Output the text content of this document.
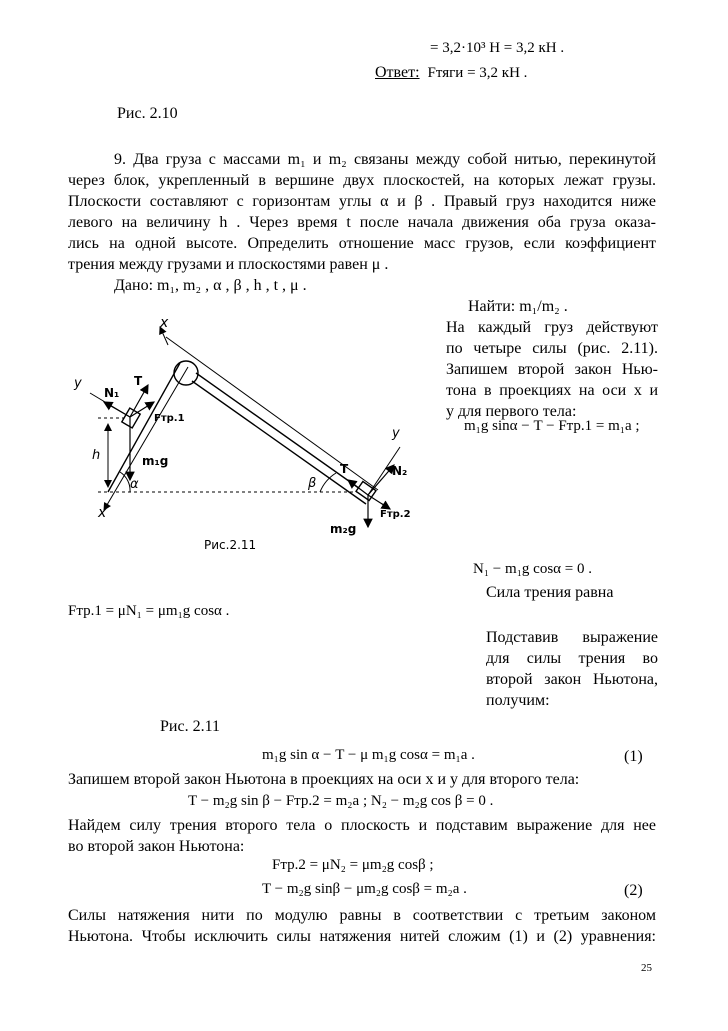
= 3,2·10³ Н = 3,2 кН .
Ответ: Fтяги = 3,2 кН .
Рис. 2.10
9. Два груза с массами m₁ и m₂ связаны между собой нитью, перекинутой
через блок, укрепленный в вершине двух плоскостей, на которых лежат грузы.
Плоскости составляют с горизонтам углы α и β . Правый груз находится ниже
левого на величину h . Через время t после начала движения оба груза оказа-
лись на одной высоте. Определить отношение масс грузов, если коэффициент
трения между грузами и плоскостями равен μ .
Дано: m₁, m₂ , α , β , h , t , μ .
Найти: m₁/m₂ .
На каждый груз действуют
по четыре силы (рис. 2.11).
Запишем второй закон Нью-
тона в проекциях на оси x и
y для первого тела:
m₁g sinα − T − Fтр.1 = m₁a ;
x
x
y
N₁
T
Fтр.1
m₁g
h
α	β
T
y
N₂
m₂g
Fтр.2
Рис.2.11
N₁ − m₁g cosα = 0 .
Сила трения равна
Fтр.1 = μN₁ = μm₁g cosα .
Подставив выражение
для силы трения во
второй закон Ньютона,
получим:
Рис. 2.11
m₁g sin α − T − μ m₁g cosα = m₁a .	(1)
Запишем второй закон Ньютона в проекциях на оси x и y для второго тела:
T − m₂g sin β − Fтр.2 = m₂a ; N₂ − m₂g cos β = 0 .
Найдем силу трения второго тела о плоскость и подставим выражение для нее
во второй закон Ньютона:
Fтр.2 = μN₂ = μm₂g cosβ ;
T − m₂g sinβ − μm₂g cosβ = m₂a .	(2)
Силы натяжения нити по модулю равны в соответствии с третьим законом
Ньютона. Чтобы исключить силы натяжения нитей сложим (1) и (2) уравнения:
25
